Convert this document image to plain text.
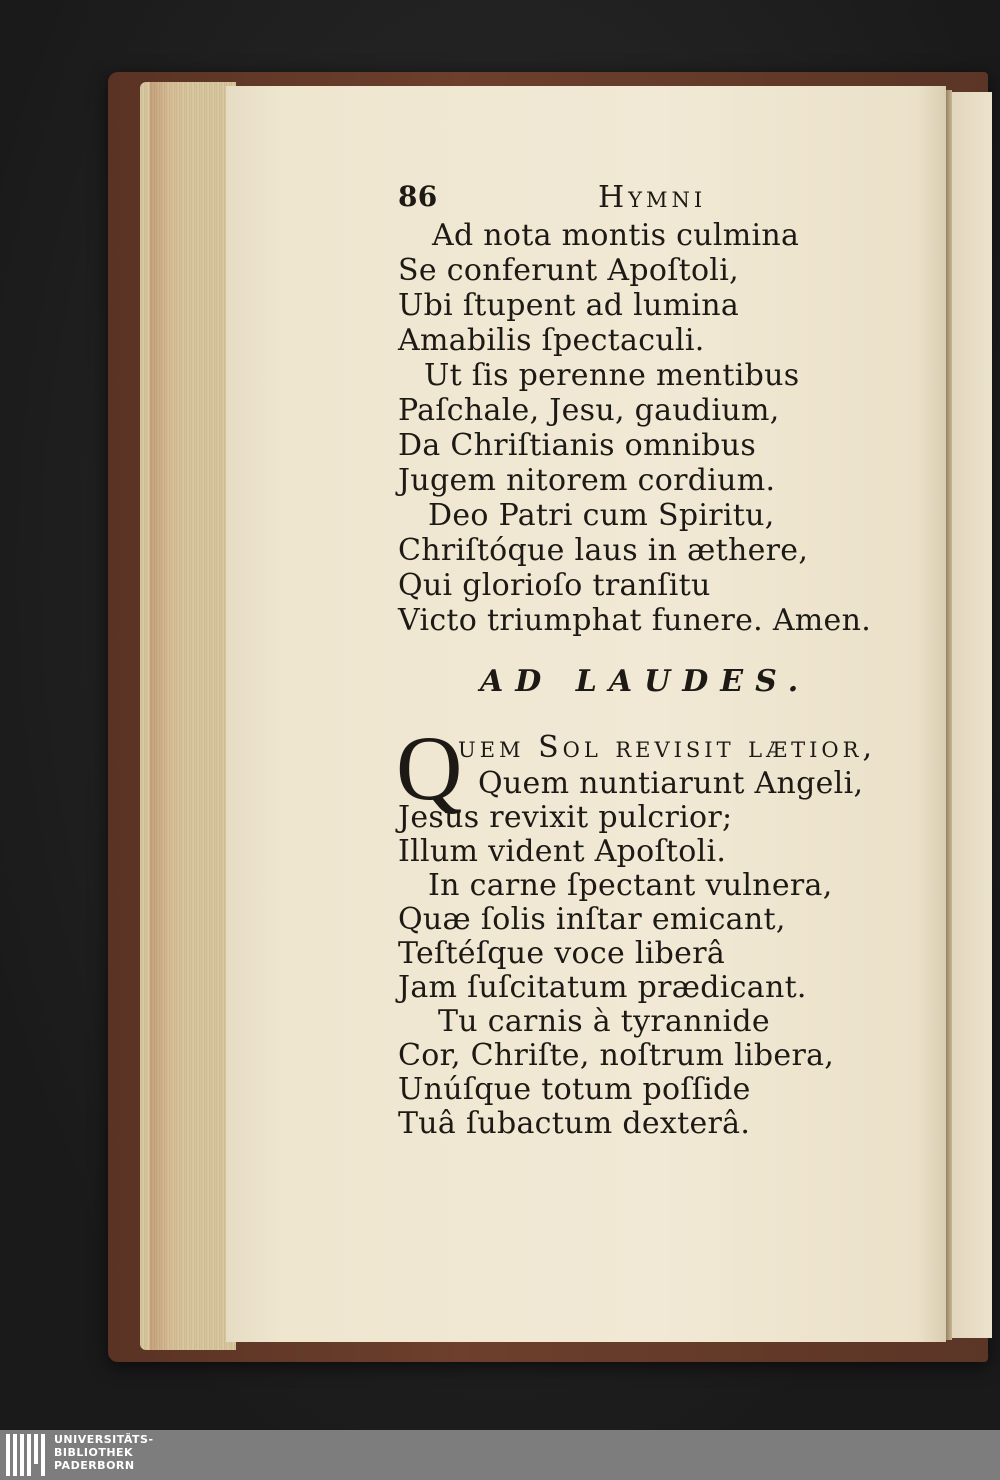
86	Hymni
Ad nota montis culmina
Se conferunt Apoſtoli,
Ubi ſtupent ad lumina
Amabilis ſpectaculi.
Ut ſis perenne mentibus
Paſchale, Jesu, gaudium,
Da Chriſtianis omnibus
Jugem nitorem cordium.
Deo Patri cum Spiritu,
Chriſtóque laus in æthere,
Qui glorioſo tranſitu
Victo triumphat funere. Amen.
AD LAUDES.
Q
uem Sol reviſit lætior,
Quem nuntiarunt Angeli,
Jesus revixit pulcrior;
Illum vident Apoſtoli.
In carne ſpectant vulnera,
Quæ ſolis inſtar emicant,
Teſtéſque voce liberâ
Jam ſuſcitatum prædicant.
Tu carnis à tyrannide
Cor, Chriſte, noſtrum libera,
Unúſque totum poſſide
Tuâ ſubactum dexterâ.
UNIVERSITÄTS-
BIBLIOTHEK
PADERBORN
